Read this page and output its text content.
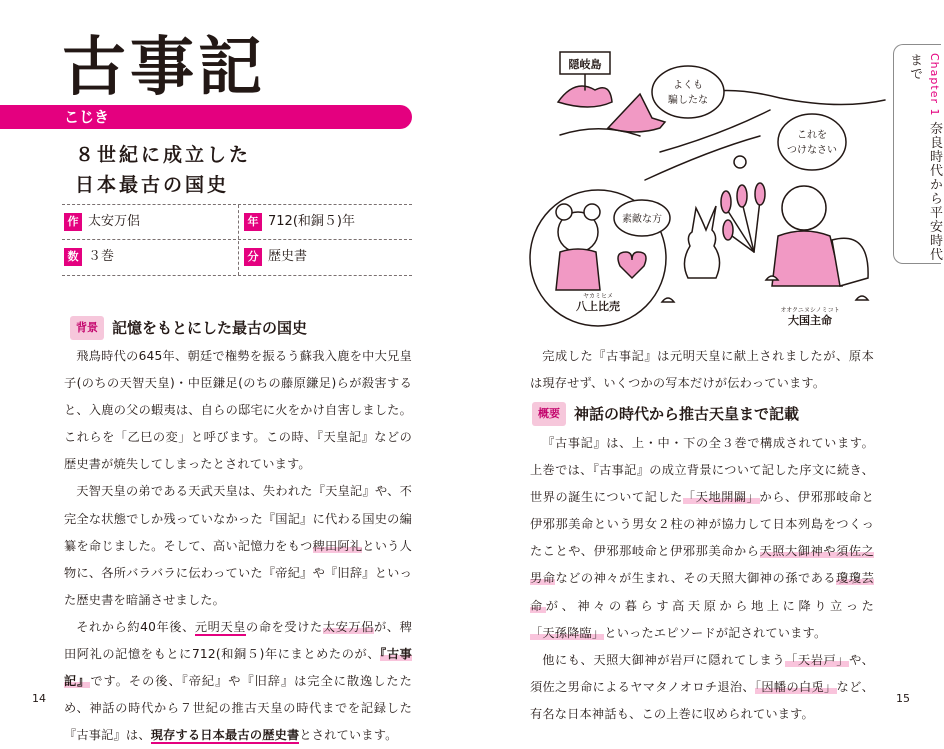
古事記
こじき
８世紀に成立した
日本最古の国史
作 太安万侶	年 712(和銅５)年
数 ３巻	分 歴史書
背景 記憶をもとにした最古の国史

飛鳥時代の645年、朝廷で権勢を振るう蘇我入鹿を中大兄皇子(のちの天智天皇)・中臣鎌足(のちの藤原鎌足)らが殺害すると、入鹿の父の蝦夷は、自らの邸宅に火をかけ自害しました。これらを「乙巳の変」と呼びます。この時、『天皇記』などの歴史書が焼失してしまったとされています。

天智天皇の弟である天武天皇は、失われた『天皇記』や、不完全な状態でしか残っていなかった『国記』に代わる国史の編纂を命じました。そして、高い記憶力をもつ稗田阿礼という人物に、各所バラバラに伝わっていた『帝紀』や『旧辞』といった歴史書を暗誦させました。

それから約40年後、元明天皇の命を受けた太安万侶が、稗田阿礼の記憶をもとに712(和銅５)年にまとめたのが、『古事記』です。その後、『帝紀』や『旧辞』は完全に散逸したため、神話の時代から７世紀の推古天皇の時代までを記録した『古事記』は、現存する日本最古の歴史書とされています。

14
隠岐島
よくも
騙したな
これを
つけなさい
素敵な方
ヤカミヒメ
八上比売	オオクニヌシノミコト
大国主命

完成した『古事記』は元明天皇に献上されましたが、原本は現存せず、いくつかの写本だけが伝わっています。

概要 神話の時代から推古天皇まで記載

『古事記』は、上・中・下の全３巻で構成されています。上巻では、『古事記』の成立背景について記した序文に続き、世界の誕生について記した「天地開闢」から、伊邪那岐命と伊邪那美命という男女２柱の神が協力して日本列島をつくったことや、伊邪那岐命と伊邪那美命から天照大御神や須佐之男命などの神々が生まれ、その天照大御神の孫である瓊瓊芸命が、神々の暮らす高天原から地上に降り立った「天孫降臨」といったエピソードが記されています。

他にも、天照大御神が岩戸に隠れてしまう「天岩戸」や、須佐之男命によるヤマタノオロチ退治、「因幡の白兎」など、有名な日本神話も、この上巻に収められています。

15
Chapter 1 奈良時代から平安時代まで
